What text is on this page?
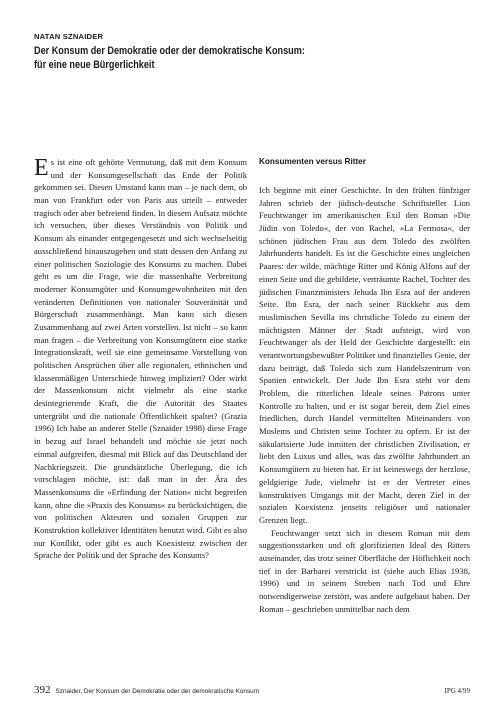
NATAN SZNAIDER
Der Konsum der Demokratie oder der demokratische Konsum:
für eine neue Bürgerlichkeit

Es ist eine oft gehörte Vermutung, daß mit dem Konsum und der Konsumgesellschaft das Ende der Politik gekommen sei. Diesen Umstand kann man – je nach dem, ob man von Frankfurt oder von Paris aus urteilt – entweder tragisch oder aber befreiend finden. In diesem Aufsatz möchte ich versuchen, über dieses Verständnis von Politik und Konsum als einander entgegengesetzt und sich wechselseitig ausschließend hinauszugehen und statt dessen den Anfang zu einer politischen Soziologie des Konsums zu machen. Dabei geht es um die Frage, wie die massenhafte Verbreitung moderner Konsumgüter und Konsumgewohnheiten mit den veränderten Definitionen von nationaler Souveränität und Bürgerschaft zusammenhängt. Man kann sich diesen Zusammenhang auf zwei Arten vorstellen. Ist nicht – so kann man fragen – die Verbreitung von Konsumgütern eine starke Integrationskraft, weil sie eine gemeinsame Vorstellung von politischen Ansprüchen über alle regionalen, ethnischen und klassenmäßigen Unterschiede hinweg impliziert? Oder wirkt der Massenkonsum nicht vielmehr als eine starke desintegrierende Kraft, die die Autorität des Staates untergräbt und die nationale Öffentlichkeit spaltet? (Grazia 1996) Ich habe an anderer Stelle (Sznaider 1998) diese Frage in bezug auf Israel behandelt und möchte sie jetzt noch einmal aufgreifen, diesmal mit Blick auf das Deutschland der Nachkriegszeit. Die grundsätzliche Überlegung, die ich vorschlagen möchte, ist: daß man in der Ära des Massenkonsums die »Erfindung der Nation« nicht begreifen kann, ohne die »Praxis des Konsums« zu berücksichtigen, die von politischen Akteuren und sozialen Gruppen zur Konstruktion kollektiver Identitäten benutzt wird. Gibt es also nur Konflikt, oder gibt es auch Koexistenz zwischen der Sprache der Politik und der Sprache des Konsums?

Konsumenten versus Ritter

Ich beginne mit einer Geschichte. In den frühen fünfziger Jahren schrieb der jüdisch-deutsche Schriftsteller Lion Feuchtwanger im amerikanischen Exil den Roman »Die Jüdin von Toledo«, der von Rachel, »La Fermosa«, der schönen jüdischen Frau aus dem Toledo des zwölften Jahrhunderts handelt. Es ist die Geschichte eines ungleichen Paares: der wilde, mächtige Ritter und König Alfons auf der einen Seite und die gebildete, verträumte Rachel, Tochter des jüdischen Finanzministers Jehuda Ibn Esra auf der anderen Seite. Ibn Esra, der nach seiner Rückkehr aus dem muslimischen Sevilla ins christliche Toledo zu einem der mächtigsten Männer der Stadt aufsteigt, wird von Feuchtwanger als der Held der Geschichte dargestellt: ein verantwortungsbewußter Politiker und finanzielles Genie, der dazu beiträgt, daß Toledo sich zum Handelszentrum von Spanien entwickelt. Der Jude Ibn Esra steht vor dem Problem, die ritterlichen Ideale seines Patrons unter Kontrolle zu halten, und er ist sogar bereit, dem Ziel eines friedlichen, durch Handel vermittelten Miteinanders von Moslems und Christen seine Tochter zu opfern. Er ist der säkularisierte Jude inmitten der christlichen Zivilisation, er liebt den Luxus und alles, was das zwölfte Jahrhundert an Konsumgütern zu bieten hat. Er ist keineswegs der herzlose, geldgierige Jude, vielmehr ist er der Vertreter eines konstruktiven Umgangs mit der Macht, deren Ziel in der sozialen Koexistenz jenseits religiöser und nationaler Grenzen liegt.

Feuchtwanger setzt sich in diesem Roman mit dem suggestionsstarken und oft glorifizierten Ideal des Ritters auseinander, das trotz seiner Oberfläche der Höflichkeit noch tief in der Barbarei verstrickt ist (siehe auch Elias 1938, 1996) und in seinem Streben nach Tod und Ehre notwendigerweise zerstört, was andere aufgebaut haben. Der Roman – geschrieben unmittelbar nach dem

392 Sznaider, Der Konsum der Demokratie oder der demokratische Konsum	IPG 4/99
